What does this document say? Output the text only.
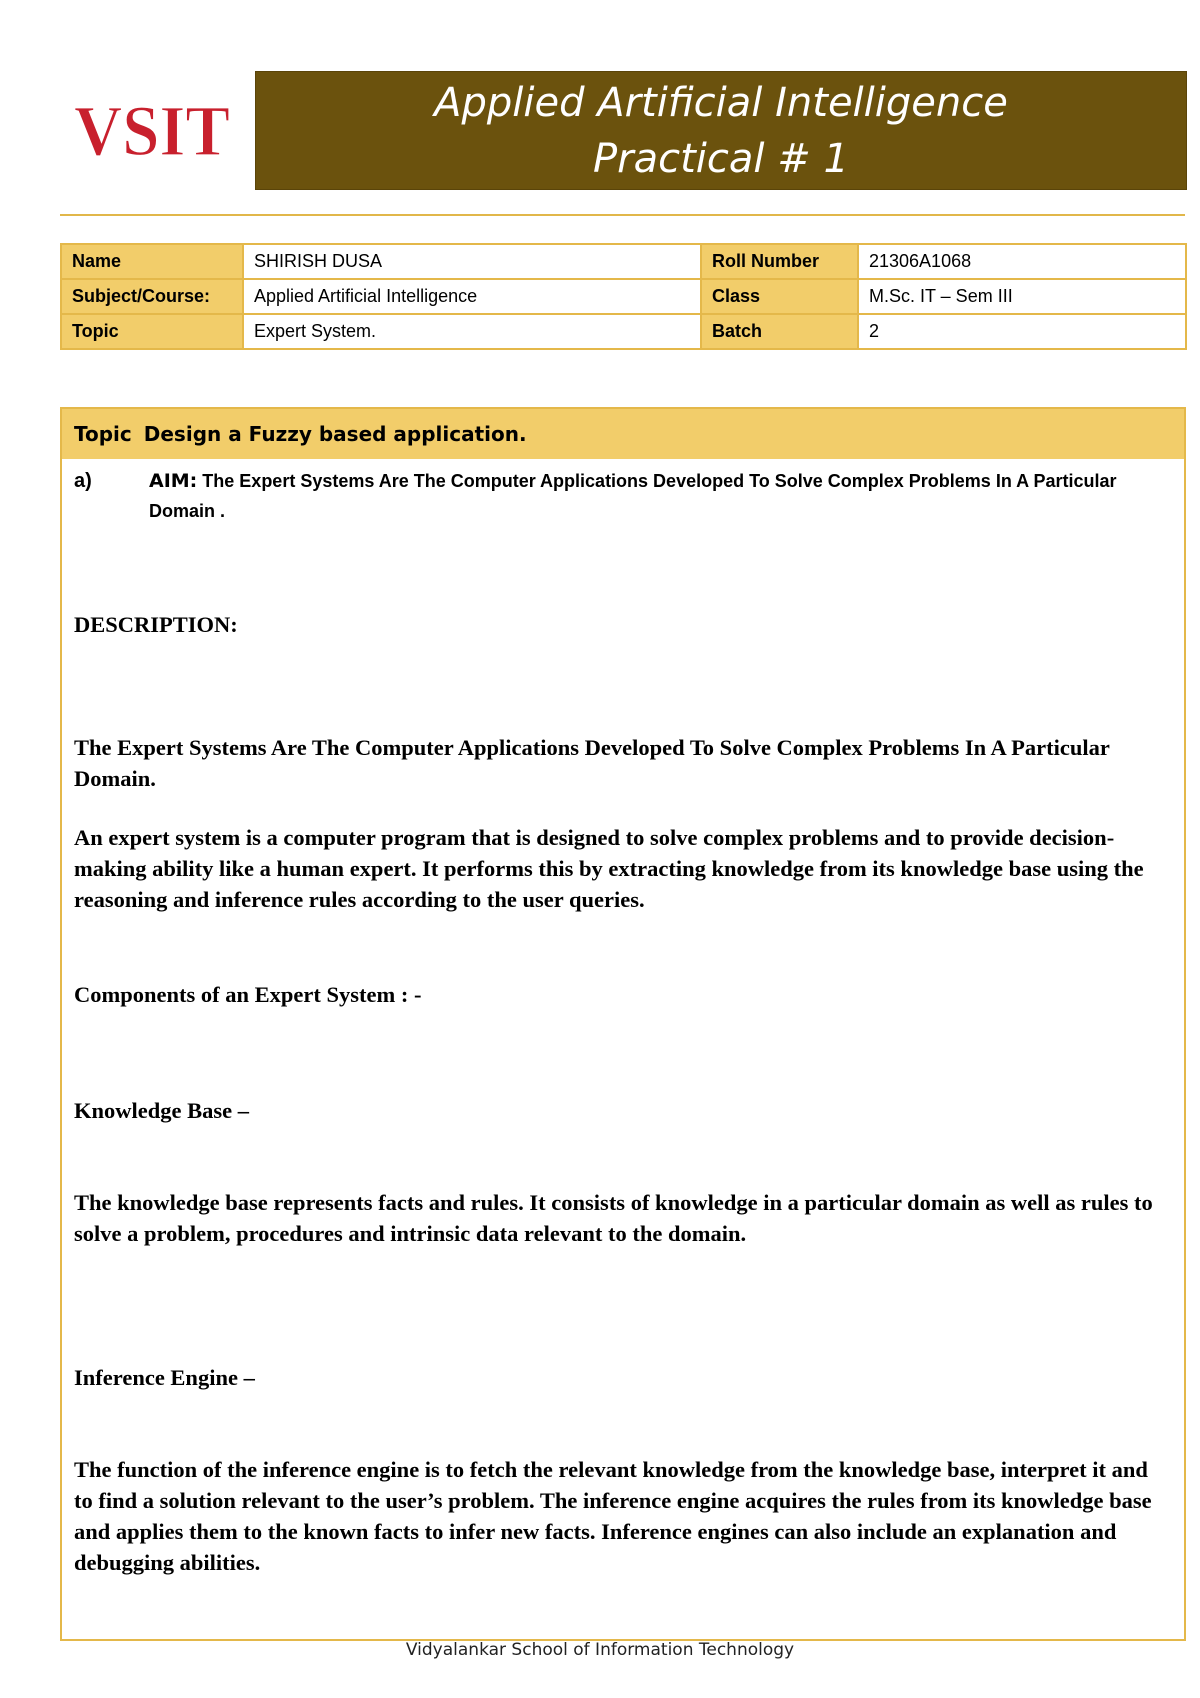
VSIT	Applied Artificial Intelligence
Practical # 1
Name	SHIRISH DUSA	Roll Number	21306A1068
Subject/Course:	Applied Artificial Intelligence	Class	M.Sc. IT – Sem III
Topic	Expert System.	Batch	2
Topic Design a Fuzzy based application.
a)	AIM: The Expert Systems Are The Computer Applications Developed To Solve Complex Problems In A Particular Domain .

DESCRIPTION:

The Expert Systems Are The Computer Applications Developed To Solve Complex Problems In A Particular Domain.

An expert system is a computer program that is designed to solve complex problems and to provide decision-making ability like a human expert. It performs this by extracting knowledge from its knowledge base using the reasoning and inference rules according to the user queries.

Components of an Expert System : -

Knowledge Base –

The knowledge base represents facts and rules. It consists of knowledge in a particular domain as well as rules to solve a problem, procedures and intrinsic data relevant to the domain.

Inference Engine –

The function of the inference engine is to fetch the relevant knowledge from the knowledge base, interpret it and to find a solution relevant to the user’s problem. The inference engine acquires the rules from its knowledge base and applies them to the known facts to infer new facts. Inference engines can also include an explanation and debugging abilities.

Vidyalankar School of Information Technology
